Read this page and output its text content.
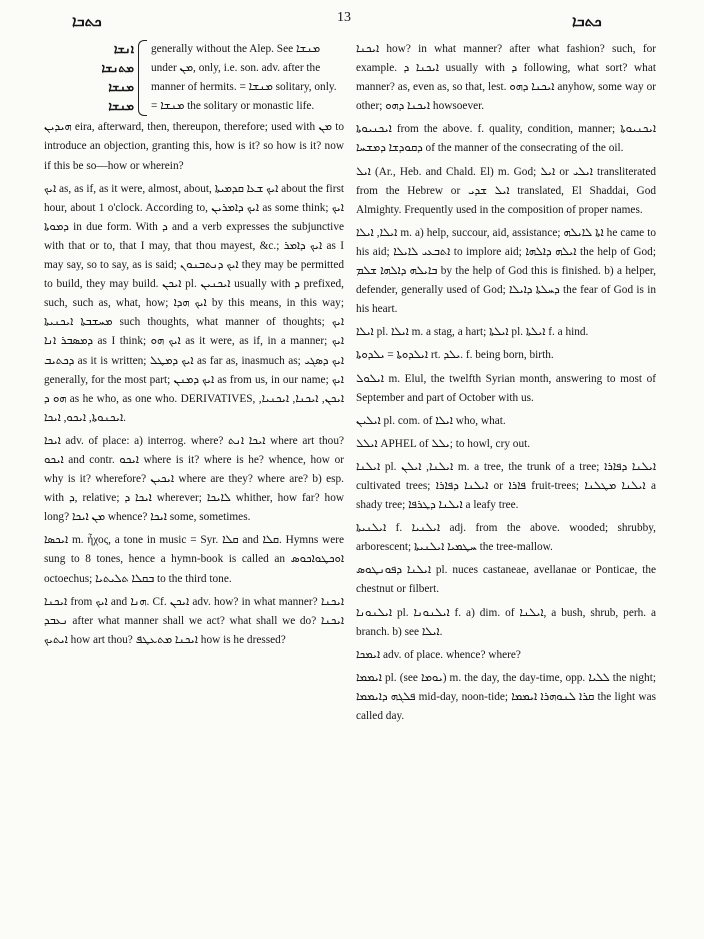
ܟܬܒܐ	13	ܟܬܒܐ
ܐܢܫܐ
ܡܬܢܫܐ
ܡܢܫܐ
ܡܢܫܐ
generally without the Alep. See ܡܢܫܐ under ܡܢ, only, i.e. son. adv. after the manner of hermits. = ܡܢܫܐ solitary, only. = ܡܢܫܐ the solitary or monastic life.

ܗܝܕܝܢ eira, afterward, then, thereupon, therefore; used with ܡܢ to introduce an objection, granting this, how is it? so how is it? now if this be so—how or wherein?

ܐܝܟ as, as if, as it were, almost, about, ܐܝܟ ܫܥܐ ܩܕܡܝܬܐ about the first hour, about 1 o'clock. According to, ܐܝܟ ܕܐܡܪܝܢ as some think; ܐܝܟ ܕܡܘܬܐ in due form. With ܕ and a verb expresses the subjunctive with that or to, that I may, that thou mayest, &c.; ܐܝܟ ܕܐܡܪ as I may say, so to say, as is said; ܐܝܟ ܕܢܬܒܢܘܢ they may be permitted to build, they may build. ܐܝܟܢ pl. ܐܝܟܢܝܢ usually with ܕ prefixed, such, such as, what, how; ܐܝܟ ܗܕܐ by this means, in this way; ܡܚܫܒܬܐ ܐܝܟܢܝܬܐ such thoughts, what manner of thoughts; ܐܝܟ ܕܡܣܒܪ ܐܢܐ as I think; ܐܝܟ ܗܘ as it were, as if, in a manner; ܐܝܟ ܕܟܬܝܒ as it is written; ܐܝܟ ܕܡܛܠ as far as, inasmuch as; ܐܝܟ ܕܣܓܝ generally, for the most part; ܐܝܟ ܕܡܢܢ as from us, in our name; ܐܝܟ ܗܘ ܕ as he who, as one who. DERIVATIVES, ܐܝܟܢ, ܐܝܟܢܐ, ܐܝܟܢܝܐ, ܐܝܟܢܘܬܐ, ܐܝܟܘ, ܐܝܟܐ.

ܐܝܟܐ adv. of place: a) interrog. where? ܐܝܟܐ ܐܢܬ where art thou? ܐܝܟܘ and contr. ܐܝܟܘ where is it? where is he? whence, how or why is it? wherefore? ܐܝܟܝܢ where are they? where are? b) esp. with ܕ, relative; ܐܝܟܐ ܕ wherever; ܠܐܝܟܐ whither, how far? how long? ܡܢ ܐܝܟܐ whence? ܐܝܟܐ some, sometimes.

ܐܝܟܣܐ m. ἦχος, a tone in music = Syr. ܩܠܐ and ܩܠܐ. Hymns were sung to 8 tones, hence a hymn-book is called an ܐܘܟܛܘܐܟܘܣ octoechus; ܒܩܠܐ ܬܠܝܬܝܐ to the third tone.

ܐܝܟܢܐ from ܐܝܟ and ܗܢܐ. Cf. ܐܝܟܢ adv. how? in what manner? ܐܝܟܢܐ ܢܥܒܕ after what manner shall we act? what shall we do? ܐܝܟܢܐ ܐܝܬܝܟ how art thou? ܐܝܟܢܐ ܡܬܥܛܦ how is he dressed?

ܐܝܟܢܐ how? in what manner? after what fashion? such, for example. ܐܝܟܢܐ ܕ usually with ܕ following, what sort? what manner? as, even as, so that, lest. ܐܝܟܢܐ ܕܗܘ anyhow, some way or other; ܐܝܟܢܐ ܕܗܘ howsoever.

ܐܝܟܢܝܘܬܐ from the above. f. quality, condition, manner; ܐܝܟܢܝܘܬܐ ܕܩܘܕܫܐ ܕܡܫܚܐ of the manner of the consecrating of the oil.

ܐܝܠ (Ar., Heb. and Chald. El) m. God; ܐܝܠ or ܐܝܠܝ transliterated from the Hebrew or ܐܝܠ ܫܕܝ translated, El Shaddai, God Almighty. Frequently used in the composition of proper names.

ܐܝܠܐ, ܐܝܠܐ m. a) help, succour, aid, assistance; ܐܬܐ ܠܐܝܠܗ he came to his aid; ܐܬܒܥܝ ܠܐܝܠܐ to implore aid; ܐܝܠܗ ܕܐܠܗܐ the help of God; ܒܐܝܠܗ ܕܐܠܗܐ ܫܠܡ by the help of God this is finished. b) a helper, defender, generally used of God; ܕܚܠܬܐ ܕܐܝܠܐ the fear of God is in his heart.

ܐܝܠܐ pl. ܐܝܠܐ m. a stag, a hart; ܐܝܠܬܐ pl. ܐܝܠܬܐ f. a hind.

ܐܝܠܕܘܬܐ = ܝܠܕܘܬܐ rt. ܝܠܕ. f. being born, birth.

ܐܝܠܘܠ m. Elul, the twelfth Syrian month, answering to most of September and part of October with us.

ܐܝܠܝܢ pl. com. of ܐܝܠܐ who, what.

ܐܝܠܠ APHEL of ܝܠܠ; to howl, cry out.

ܐܝܠܢܐ pl. ܐܝܠܢܐ, ܐܝܠܢ m. a tree, the trunk of a tree; ܐܝܠܢܐ ܕܦܐܪܐ cultivated trees; ܐܝܠܢܐ ܕܦܐܪܐ or ܦܐܪܐ fruit-trees; ܐܝܠܢܐ ܡܛܠܢܐ a shady tree; ܐܝܠܢܐ ܕܛܪܦܐ a leafy tree.

ܐܝܠܢܝܬܐ f. ܐܝܠܢܝܐ adj. from the above. wooded; shrubby, arborescent; ܚܛܡܝܐ ܐܝܠܢܝܬܐ the tree-mallow.

ܐܝܠܢܐ ܕܦܘܢܛܘܣ pl. nuces castaneae, avellanae or Ponticae, the chestnut or filbert.

ܐܝܠܢܘܢܐ pl. ܐܝܠܢܘܢܐ f. a) dim. of ܐܝܠܢܐ, a bush, shrub, perh. a branch. b) see ܐܝܠܐ.

ܐܝܡܟܐ adv. of place. whence? where?

ܐܝܡܡܐ pl. (see ܝܘܡܐ) m. the day, the day-time, opp. ܠܠܝܐ the night; ܦܠܓܗ ܕܐܝܡܡܐ mid-day, noon-tide; ܩܪܐ ܠܢܘܗܪܐ ܐܝܡܡܐ the light was called day.
